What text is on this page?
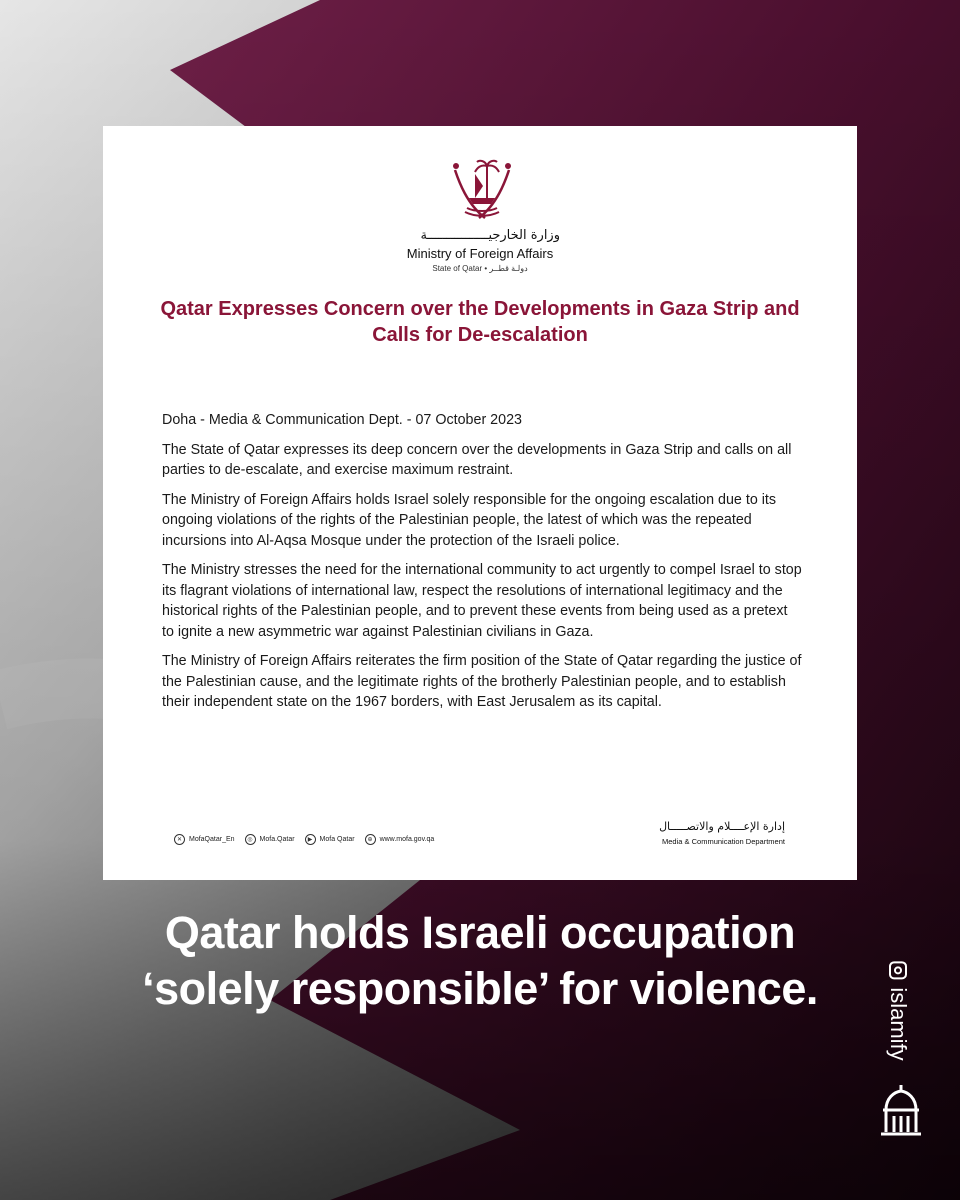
وزارة الخارجيــــــــــــــــة
Ministry of Foreign Affairs
State of Qatar • دولـة قطــر
Qatar Expresses Concern over the Developments in Gaza Strip and Calls for De-escalation
Doha - Media & Communication Dept. - 07 October 2023

The State of Qatar expresses its deep concern over the developments in Gaza Strip and calls on all parties to de-escalate, and exercise maximum restraint.

The Ministry of Foreign Affairs holds Israel solely responsible for the ongoing escalation due to its ongoing violations of the rights of the Palestinian people, the latest of which was the repeated incursions into Al-Aqsa Mosque under the protection of the Israeli police.

The Ministry stresses the need for the international community to act urgently to compel Israel to stop its flagrant violations of international law, respect the resolutions of international legitimacy and the historical rights of the Palestinian people, and to prevent these events from being used as a pretext to ignite a new asymmetric war against Palestinian civilians in Gaza.

The Ministry of Foreign Affairs reiterates the firm position of the State of Qatar regarding the justice of the Palestinian cause, and the legitimate rights of the brotherly Palestinian people, and to establish their independent state on the 1967 borders, with East Jerusalem as its capital.

✕ MofaQatar_En	◎ Mofa.Qatar	▶	Mofa Qatar	⊕ www.mofa.gov.qa
إدارة الإعــــلام والاتصـــــال
Media & Communication Department
Qatar holds Israeli occupation
‘solely responsible’ for violence.	islamify
